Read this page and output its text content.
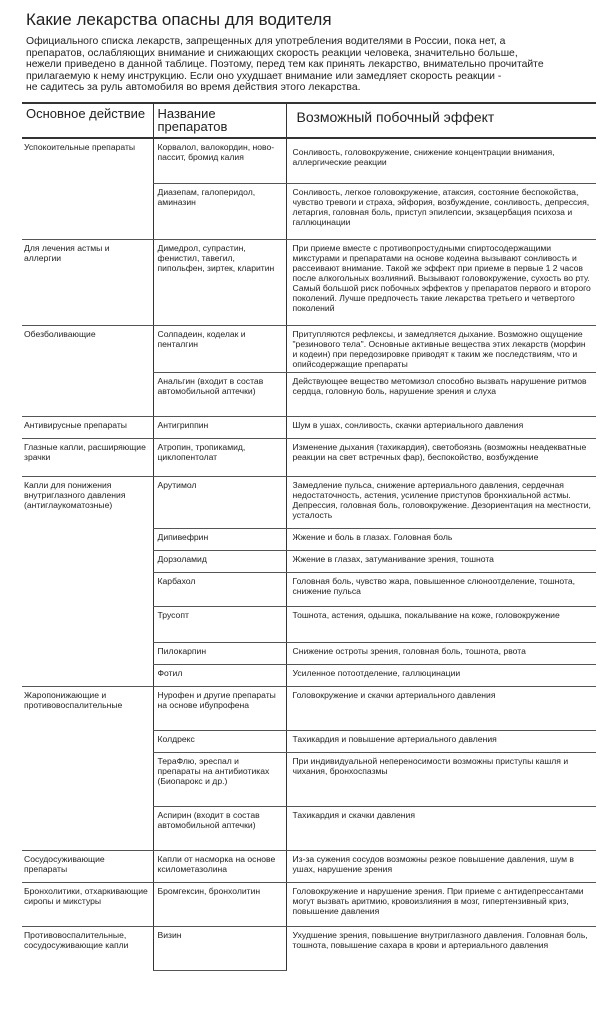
Какие лекарства опасны для водителя
Официального списка лекарств, запрещенных для употребления водителями в России, пока нет, а
препаратов, ослабляющих внимание и снижающих скорость реакции человека, значительно больше,
нежели приведено в данной таблице. Поэтому, перед тем как принять лекарство, внимательно прочитайте
прилагаемую к нему инструкцию. Если оно ухудшает внимание или замедляет скорость реакции -
не садитесь за руль автомобиля во время действия этого лекарства.
Основное действие	Название препаратов	Возможный побочный эффект
Успокоительные препараты	Корвалол, валокордин, ново-пассит, бромид калия	Сонливость, головокружение, снижение концентрации внимания, аллергические реакции
	Диазепам, галоперидол, аминазин	Сонливость, легкое головокружение, атаксия, состояние беспокойства, чувство тревоги и страха, эйфория, возбуждение, сонливость, депрессия, летаргия, головная боль, приступ эпилепсии, экзацербация психоза и галлюцинации
Для лечения астмы и аллергии	Димедрол, супрастин, фенистил, тавегил, пипольфен, зиртек, кларитин	При приеме вместе с противопростудными спиртосодержащими микстурами и препаратами на основе кодеина вызывают сонливость и рассеивают внимание. Такой же эффект при приеме в первые 1 2 часов после алкогольных возлияний. Вызывают головокружение, сухость во рту. Самый большой риск побочных эффектов у препаратов первого и второго поколений. Лучше предпочесть такие лекарства третьего и четвертого поколений
Обезболивающие	Солпадеин, коделак и пенталгин	Притупляются рефлексы, и замедляется дыхание. Возможно ощущение "резинового тела". Основные активные вещества этих лекарств (морфин и кодеин) при передозировке приводят к таким же последствиям, что и опийсодержащие препараты
	Анальгин (входит в состав автомобильной аптечки)	Действующее вещество метомизол способно вызвать нарушение ритмов сердца, головную боль, нарушение зрения и слуха
Антивирусные препараты	Антигриппин	Шум в ушах, сонливость, скачки артериального давления
Глазные капли, расширяющие зрачки	Атропин, тропикамид, циклопентолат	Изменение дыхания (тахикардия), светобоязнь (возможны неадекватные реакции на свет встречных фар), беспокойство, возбуждение
Капли для понижения внутриглазного давления (антиглаукоматозные)	Арутимол	Замедление пульса, снижение артериального давления, сердечная недостаточность, астения, усиление приступов бронхиальной астмы. Депрессия, головная боль, головокружение. Дезориентация на местности, усталость
	Дипивефрин	Жжение и боль в глазах. Головная боль
	Дорзоламид	Жжение в глазах, затуманивание зрения, тошнота
	Карбахол	Головная боль, чувство жара, повышенное слюноотделение, тошнота, снижение пульса
	Трусопт	Тошнота, астения, одышка, покалывание на коже, головокружение
	Пилокарпин	Снижение остроты зрения, головная боль, тошнота, рвота
	Фотил	Усиленное потоотделение, галлюцинации
Жаропонижающие и противовоспалительные	Нурофен и другие препараты на основе ибупрофена	Головокружение и скачки артериального давления
	Колдрекс	Тахикардия и повышение артериального давления
	ТераФлю, эреспал и препараты на антибиотиках (Биопарокс и др.)	При индивидуальной непереносимости возможны приступы кашля и чихания, бронхоспазмы
	Аспирин (входит в состав автомобильной аптечки)	Тахикардия и скачки давления
Сосудосуживающие препараты	Капли от насморка на основе ксилометазолина	Из-за сужения сосудов возможны резкое повышение давления, шум в ушах, нарушение зрения
Бронхолитики, отхаркивающие сиропы и микстуры	Бромгексин, бронхолитин	Головокружение и нарушение зрения. При приеме с антидепрессантами могут вызвать аритмию, кровоизлияния в мозг, гипертензивный криз, повышение давления
Противовоспалительные, сосудосуживающие капли	Визин	Ухудшение зрения, повышение внутриглазного давления. Головная боль, тошнота, повышение сахара в крови и артериального давления
